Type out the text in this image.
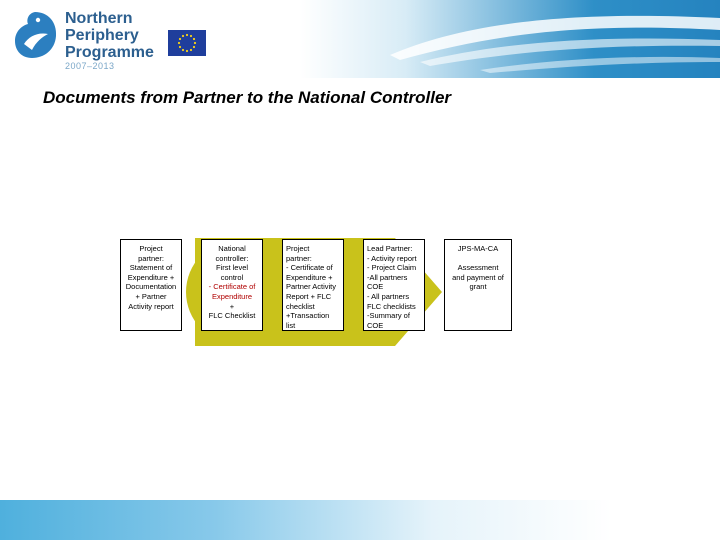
Northern
Periphery
Programme
2007–2013
Documents from Partner to the National Controller
Project
partner:
Statement of
Expenditure +
Documentation
+ Partner
Activity report
National
controller:
First level
control
- Certificate of
Expenditure
+
FLC Checklist
Project
partner:
- Certificate of
Expenditure +
Partner Activity
Report + FLC
checklist
+Transaction
list
Lead Partner:
- Activity report
- Project Claim
-All partners
COE
- All partners
FLC checklists
-Summary of
COE
JPS-MA-CA

Assessment
and payment of
grant
